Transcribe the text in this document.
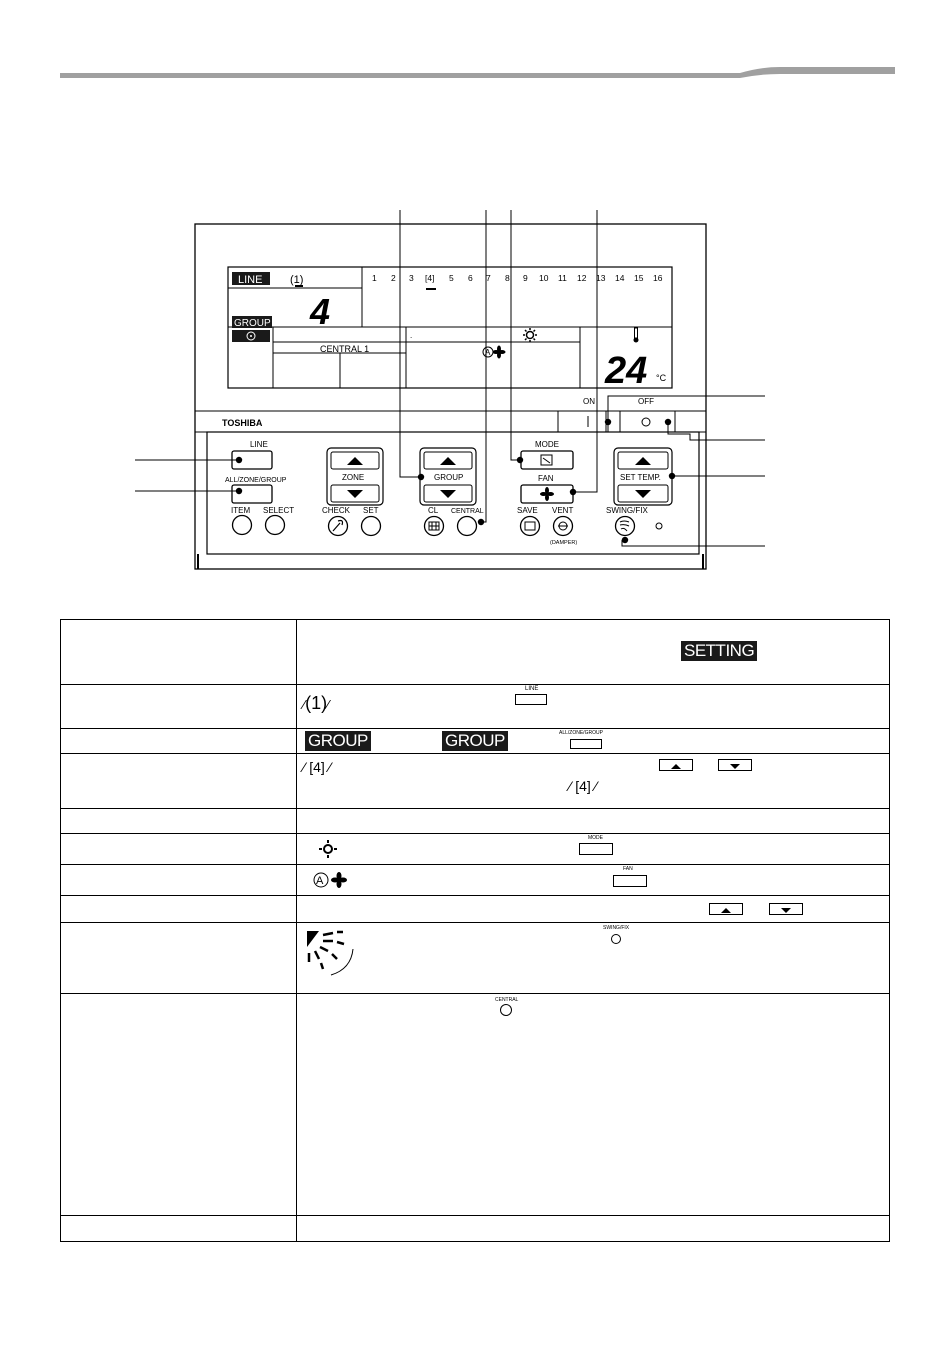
LINE	(1)
4
GROUP
1 2 3 [4] 5 6 7 8 9 10 11 12 13 14 15 16
CENTRAL 1
.
A	24 °C
ON	OFF
TOSHIBA
LINE
ALL/ZONE/GROUP
ITEM SELECT
ZONE
CHECK SET
GROUP
CL CENTRAL
MODE
FAN
SAVE VENT
(DAMPER)
SET TEMP.
SWING/FIX

	SETTING

	⁄(1)⁄
LINE

	GROUP GROUP ALL/ZONE/GROUP

	⁄ [4] ⁄
⁄ [4] ⁄

	MODE

A
FAN

	SWING/FIX

	CENTRAL
